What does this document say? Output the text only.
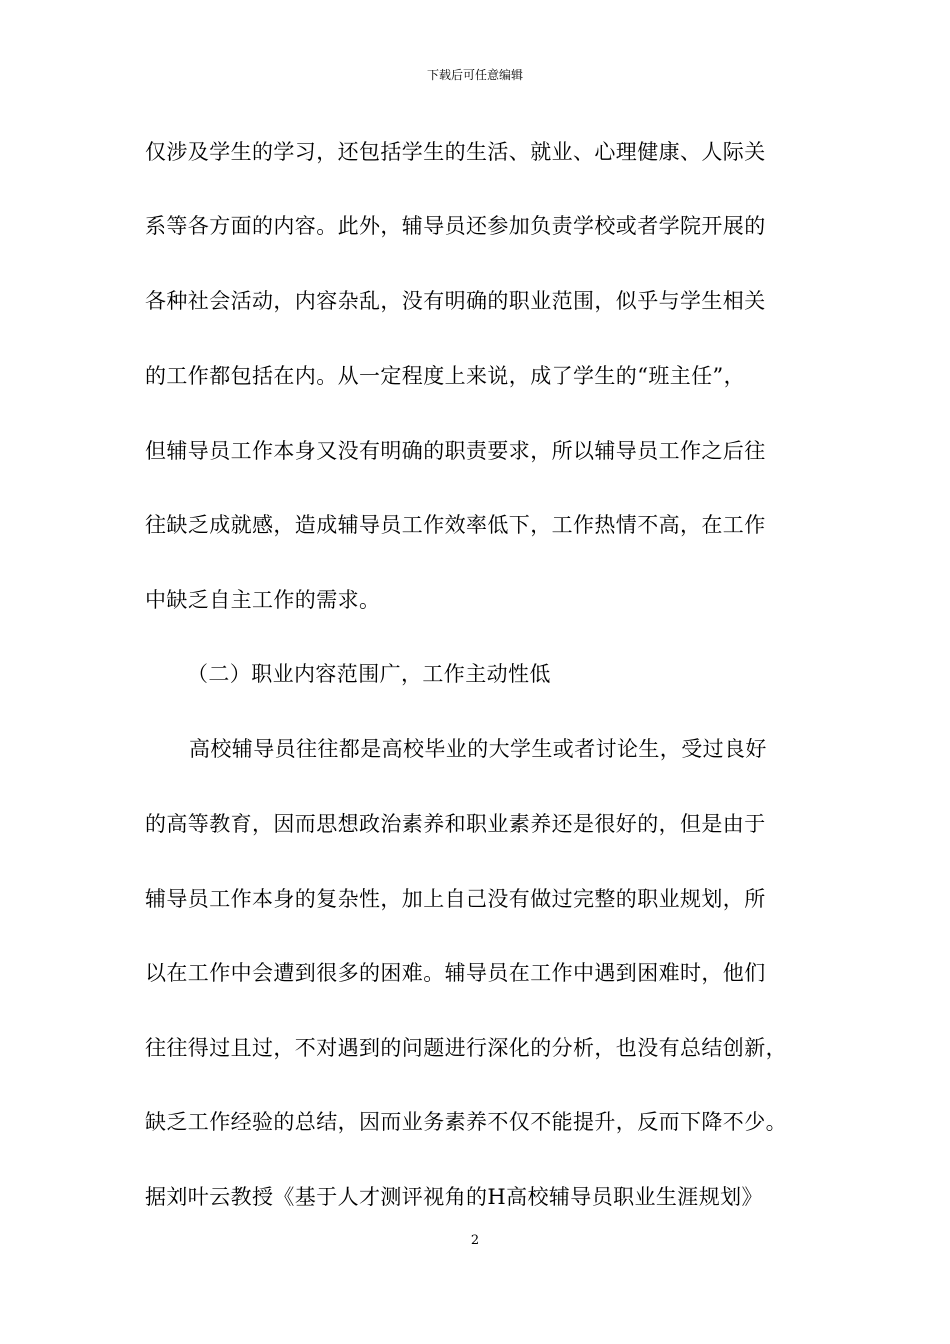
下载后可任意编辑
仅涉及学生的学习，还包括学生的生活、就业、心理健康、人际关
系等各方面的内容。此外，辅导员还参加负责学校或者学院开展的
各种社会活动，内容杂乱，没有明确的职业范围，似乎与学生相关
的工作都包括在内。从一定程度上来说，成了学生的“班主任”，
但辅导员工作本身又没有明确的职责要求，所以辅导员工作之后往
往缺乏成就感，造成辅导员工作效率低下，工作热情不高，在工作
中缺乏自主工作的需求。
（二）职业内容范围广，工作主动性低
高校辅导员往往都是高校毕业的大学生或者讨论生，受过良好
的高等教育，因而思想政治素养和职业素养还是很好的，但是由于
辅导员工作本身的复杂性，加上自己没有做过完整的职业规划，所
以在工作中会遭到很多的困难。辅导员在工作中遇到困难时，他们
往往得过且过，不对遇到的问题进行深化的分析，也没有总结创新，
缺乏工作经验的总结，因而业务素养不仅不能提升，反而下降不少。
据刘叶云教授《基于人才测评视角的H高校辅导员职业生涯规划》
2
